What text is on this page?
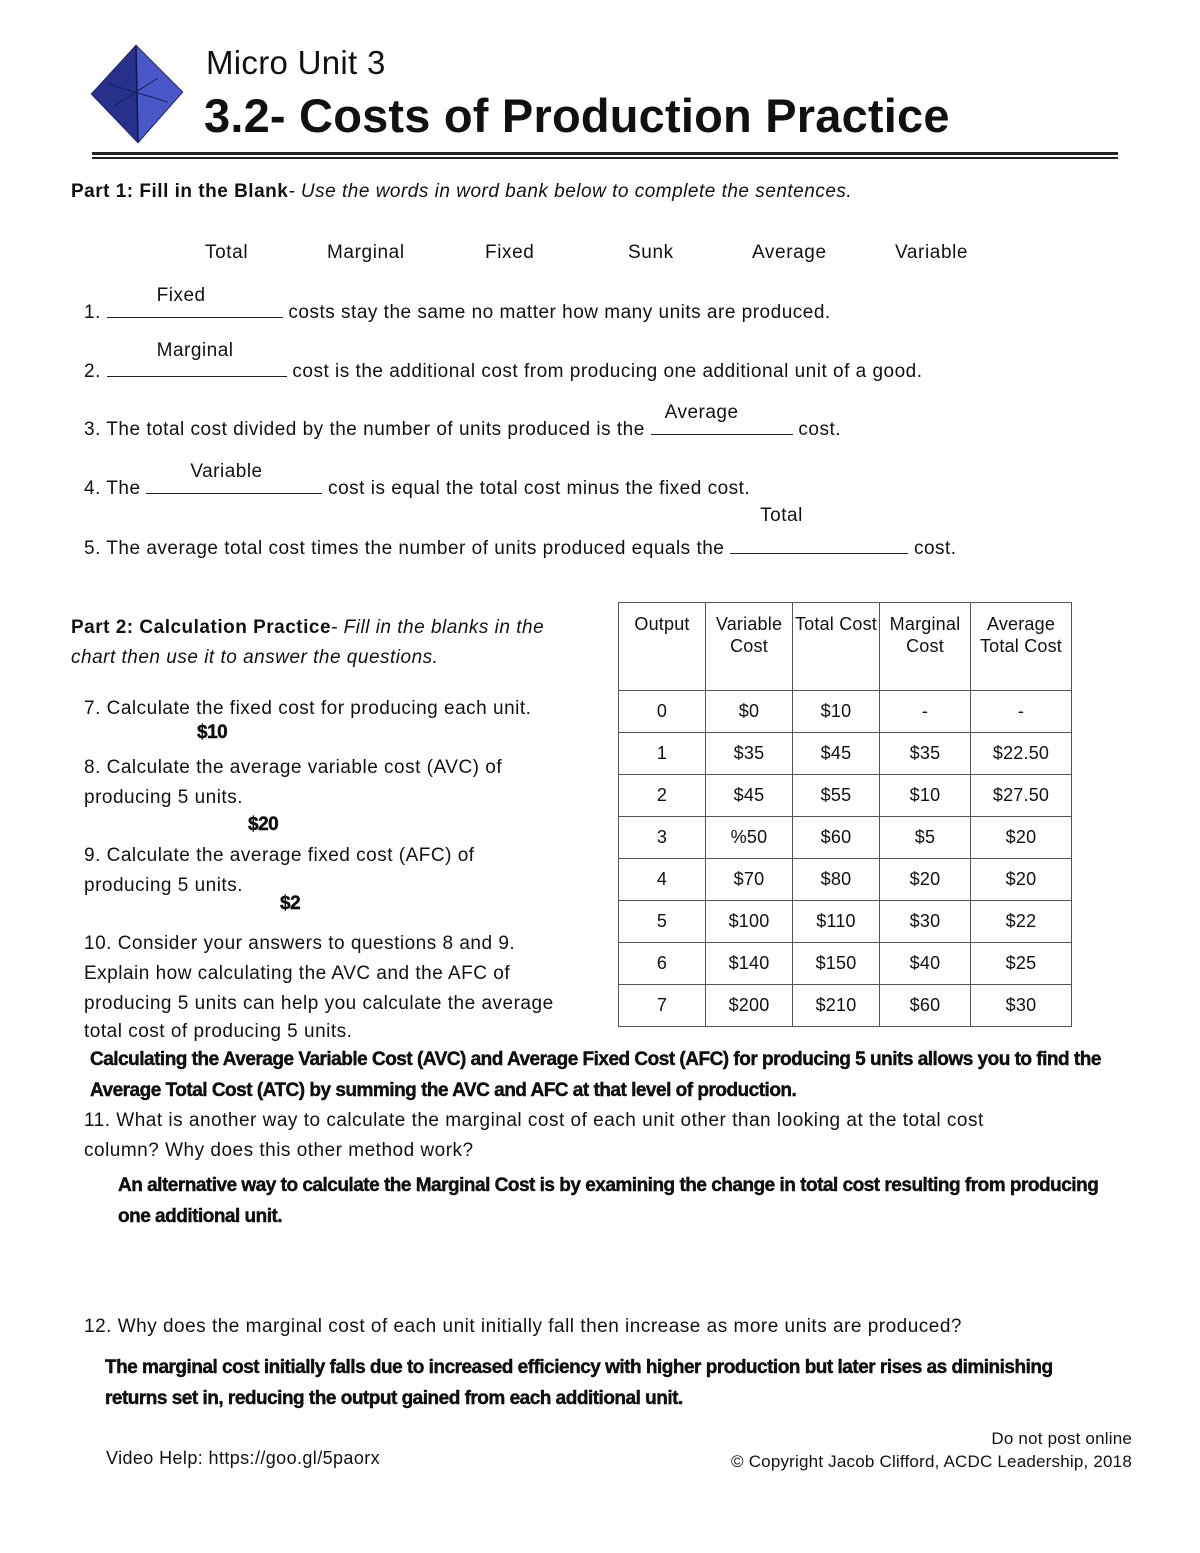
Micro Unit 3
3.2- Costs of Production Practice
Part 1: Fill in the Blank- Use the words in word bank below to complete the sentences.
Total	Marginal	Fixed	Sunk	Average	Variable
1.
Fixed
costs stay the same no matter how many units are produced.
2.
Marginal
cost is the additional cost from producing one additional unit of a good.
3. The total cost divided by the number of units produced is the
Average
cost.
4. The
Variable
cost is equal the total cost minus the fixed cost.
5. The average total cost times the number of units produced equals the
Total
cost.
Part 2: Calculation Practice- Fill in the blanks in the
chart then use it to answer the questions.
7. Calculate the fixed cost for producing each unit.
$10
8. Calculate the average variable cost (AVC) of
producing 5 units.
$20
9. Calculate the average fixed cost (AFC) of
producing 5 units.
$2
10. Consider your answers to questions 8 and 9.
Explain how calculating the AVC and the AFC of
producing 5 units can help you calculate the average
total cost of producing 5 units.
Calculating the Average Variable Cost (AVC) and Average Fixed Cost (AFC) for producing 5 units allows you to find the
Average Total Cost (ATC) by summing the AVC and AFC at that level of production.
11. What is another way to calculate the marginal cost of each unit other than looking at the total cost
column? Why does this other method work?
An alternative way to calculate the Marginal Cost is by examining the change in total cost resulting from producing
one additional unit.
12. Why does the marginal cost of each unit initially fall then increase as more units are produced?
The marginal cost initially falls due to increased efficiency with higher production but later rises as diminishing
returns set in, reducing the output gained from each additional unit.
Output	Variable Cost	Total Cost	Marginal Cost	Average Total Cost
0	$0	$10	-	-
1	$35	$45	$35	$22.50
2	$45	$55	$10	$27.50
3	%50	$60	$5	$20
4	$70	$80	$20	$20
5	$100	$110	$30	$22
6	$140	$150	$40	$25
7	$200	$210	$60	$30
Video Help: https://goo.gl/5paorx
Do not post online
© Copyright Jacob Clifford, ACDC Leadership, 2018
